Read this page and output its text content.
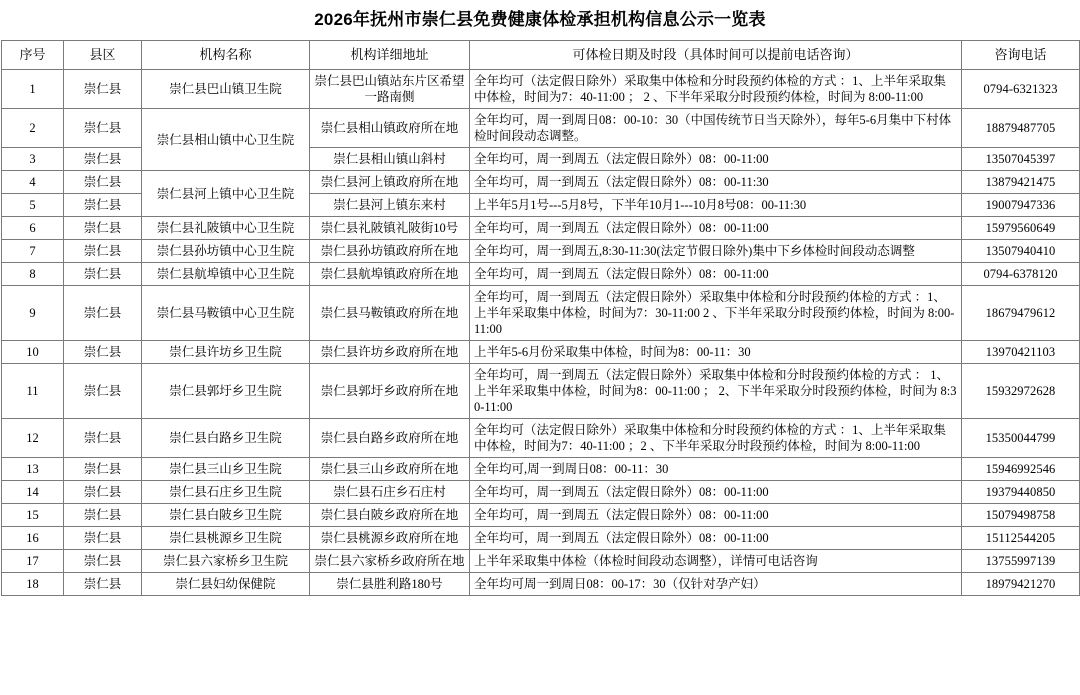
2026年抚州市崇仁县免费健康体检承担机构信息公示一览表
序号	县区	机构名称	机构详细地址	可体检日期及时段（具体时间可以提前电话咨询）	咨询电话
1	崇仁县	崇仁县巴山镇卫生院	崇仁县巴山镇站东片区希望一路南侧	全年均可（法定假日除外）采取集中体检和分时段预约体检的方式 ：1、上半年采取集中体检，时间为7：40-11:00 ； 2 、下半年采取分时段预约体检，时间为 8:00-11:00	0794-6321323
2	崇仁县	崇仁县相山镇中心卫生院	崇仁县相山镇政府所在地	全年均可，周一到周日08：00-10：30（中国传统节日当天除外），每年5-6月集中下村体检时间段动态调整。	18879487705
3	崇仁县		崇仁县相山镇山斜村	全年均可，周一到周五（法定假日除外）08：00-11:00	13507045397
4	崇仁县	崇仁县河上镇中心卫生院	崇仁县河上镇政府所在地	全年均可，周一到周五（法定假日除外）08：00-11:30	13879421475
5	崇仁县		崇仁县河上镇东来村	上半年5月1号---5月8号，下半年10月1---10月8号08：00-11:30	19007947336
6	崇仁县	崇仁县礼陂镇中心卫生院	崇仁县礼陂镇礼陂街10号	全年均可，周一到周五（法定假日除外）08：00-11:00	15979560649
7	崇仁县	崇仁县孙坊镇中心卫生院	崇仁县孙坊镇政府所在地	全年均可，周一到周五,8:30-11:30(法定节假日除外)集中下乡体检时间段动态调整	13507940410
8	崇仁县	崇仁县航埠镇中心卫生院	崇仁县航埠镇政府所在地	全年均可，周一到周五（法定假日除外）08：00-11:00	0794-6378120
9	崇仁县	崇仁县马鞍镇中心卫生院	崇仁县马鞍镇政府所在地	全年均可，周一到周五（法定假日除外）采取集中体检和分时段预约体检的方式 ：1、上半年采取集中体检，时间为7：30-11:00 2 、下半年采取分时段预约体检，时间为 8:00-11:00	18679479612
10	崇仁县	崇仁县许坊乡卫生院	崇仁县许坊乡政府所在地	上半年5-6月份采取集中体检，时间为8：00-11：30	13970421103
11	崇仁县	崇仁县郭圩乡卫生院	崇仁县郭圩乡政府所在地	全年均可，周一到周五（法定假日除外）采取集中体检和分时段预约体检的方式 ： 1、上半年采取集中体检，时间为8：00-11:00 ； 2、下半年采取分时段预约体检，时间为 8:30-11:00	15932972628
12	崇仁县	崇仁县白路乡卫生院	崇仁县白路乡政府所在地	全年均可（法定假日除外）采取集中体检和分时段预约体检的方式 ：1、上半年采取集中体检，时间为7：40-11:00 ；2 、下半年采取分时段预约体检，时间为 8:00-11:00	15350044799
13	崇仁县	崇仁县三山乡卫生院	崇仁县三山乡政府所在地	全年均可,周一到周日08：00-11：30	15946992546
14	崇仁县	崇仁县石庄乡卫生院	崇仁县石庄乡石庄村	全年均可，周一到周五（法定假日除外）08：00-11:00	19379440850
15	崇仁县	崇仁县白陂乡卫生院	崇仁县白陂乡政府所在地	全年均可，周一到周五（法定假日除外）08：00-11:00	15079498758
16	崇仁县	崇仁县桃源乡卫生院	崇仁县桃源乡政府所在地	全年均可，周一到周五（法定假日除外）08：00-11:00	15112544205
17	崇仁县	崇仁县六家桥乡卫生院	崇仁县六家桥乡政府所在地	上半年采取集中体检（体检时间段动态调整），详情可电话咨询	13755997139
18	崇仁县	崇仁县妇幼保健院	崇仁县胜利路180号	全年均可周一到周日08：00-17：30（仅针对孕产妇）	18979421270
